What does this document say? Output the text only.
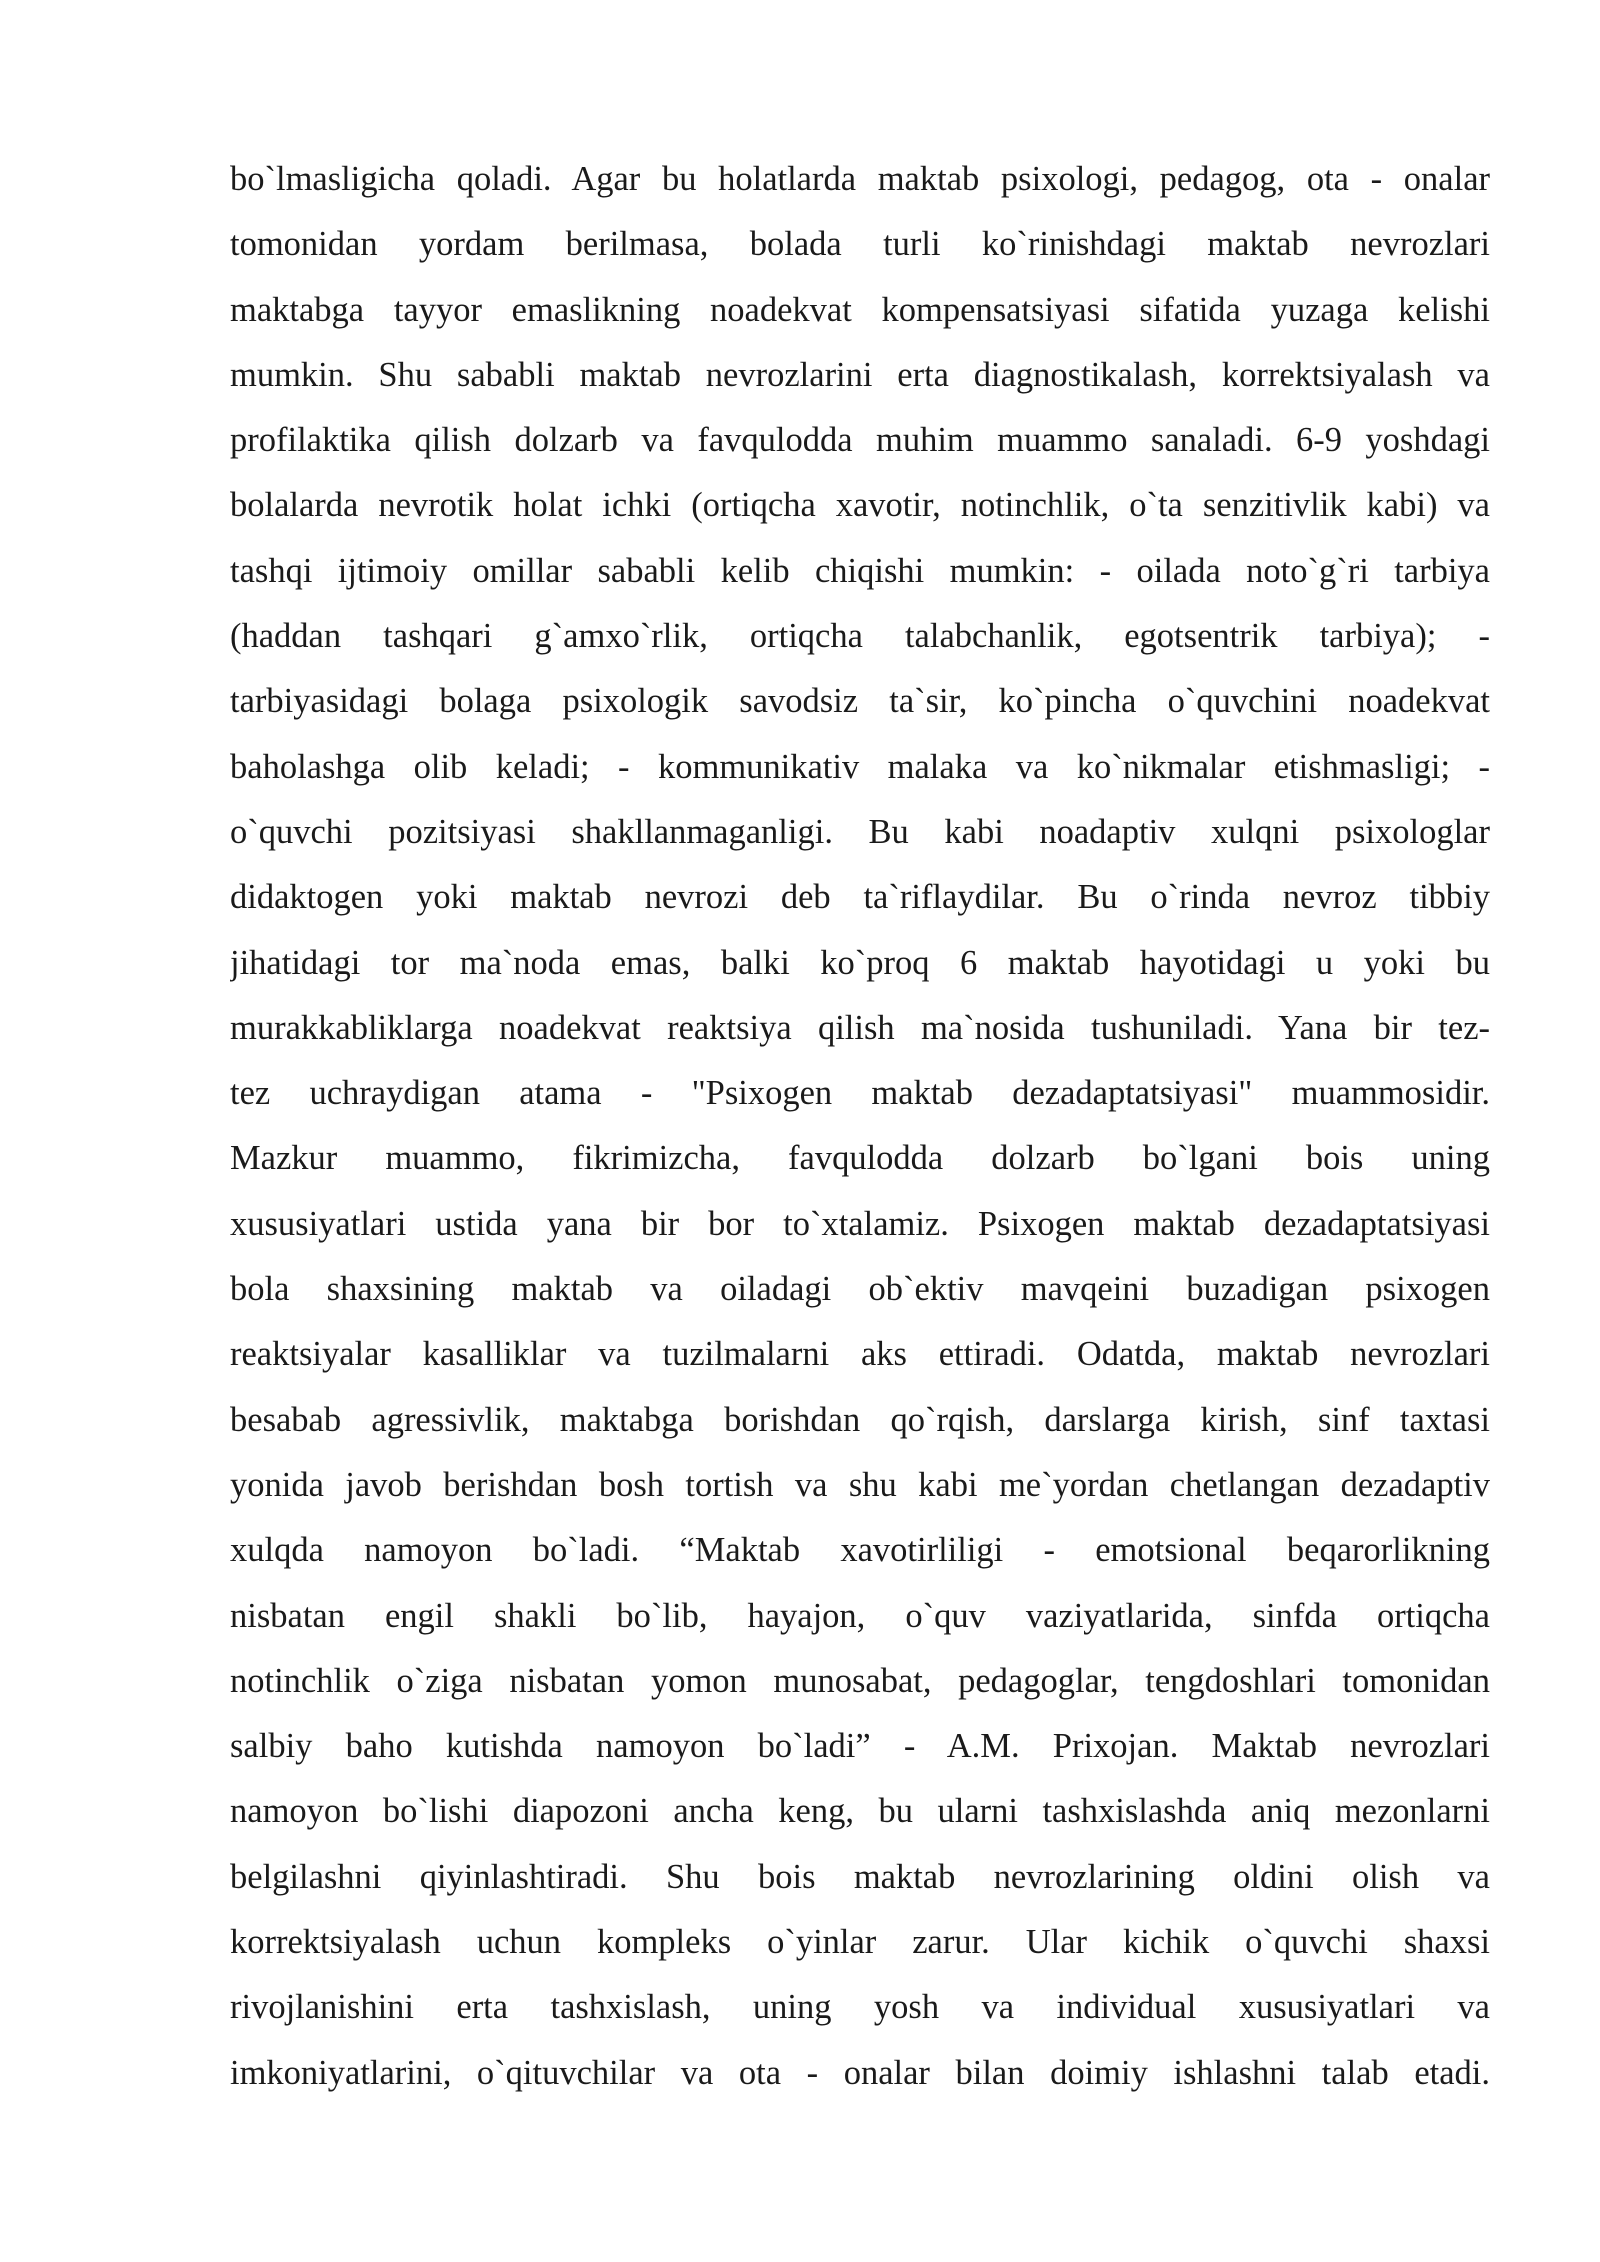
bo`lmasligicha qoladi. Agar bu holatlarda maktab psixologi, pedagog, ota - onalar
tomonidan yordam berilmasa, bolada turli ko`rinishdagi maktab nevrozlari
maktabga tayyor emaslikning noadekvat kompensatsiyasi sifatida yuzaga kelishi
mumkin. Shu sababli maktab nevrozlarini erta diagnostikalash, korrektsiyalash va
profilaktika qilish dolzarb va favqulodda muhim muammo sanaladi. 6-9 yoshdagi
bolalarda nevrotik holat ichki (ortiqcha xavotir, notinchlik, o`ta senzitivlik kabi) va
tashqi ijtimoiy omillar sababli kelib chiqishi mumkin: - oilada noto`g`ri tarbiya
(haddan tashqari g`amxo`rlik, ortiqcha talabchanlik, egotsentrik tarbiya); -
tarbiyasidagi bolaga psixologik savodsiz ta`sir, ko`pincha o`quvchini noadekvat
baholashga olib keladi; - kommunikativ malaka va ko`nikmalar etishmasligi; -
o`quvchi pozitsiyasi shakllanmaganligi. Bu kabi noadaptiv xulqni psixologlar
didaktogen yoki maktab nevrozi deb ta`riflaydilar. Bu o`rinda nevroz tibbiy
jihatidagi tor ma`noda emas, balki ko`proq 6 maktab hayotidagi u yoki bu
murakkabliklarga noadekvat reaktsiya qilish ma`nosida tushuniladi. Yana bir tez-
tez uchraydigan atama - "Psixogen maktab dezadaptatsiyasi" muammosidir.
Mazkur muammo, fikrimizcha, favqulodda dolzarb bo`lgani bois uning
xususiyatlari ustida yana bir bor to`xtalamiz. Psixogen maktab dezadaptatsiyasi
bola shaxsining maktab va oiladagi ob`ektiv mavqeini buzadigan psixogen
reaktsiyalar kasalliklar va tuzilmalarni aks ettiradi. Odatda, maktab nevrozlari
besabab agressivlik, maktabga borishdan qo`rqish, darslarga kirish, sinf taxtasi
yonida javob berishdan bosh tortish va shu kabi me`yordan chetlangan dezadaptiv
xulqda namoyon bo`ladi. “Maktab xavotirliligi - emotsional beqarorlikning
nisbatan engil shakli bo`lib, hayajon, o`quv vaziyatlarida, sinfda ortiqcha
notinchlik o`ziga nisbatan yomon munosabat, pedagoglar, tengdoshlari tomonidan
salbiy baho kutishda namoyon bo`ladi” - A.M. Prixojan. Maktab nevrozlari
namoyon bo`lishi diapozoni ancha keng, bu ularni tashxislashda aniq mezonlarni
belgilashni qiyinlashtiradi. Shu bois maktab nevrozlarining oldini olish va
korrektsiyalash uchun kompleks o`yinlar zarur. Ular kichik o`quvchi shaxsi
rivojlanishini erta tashxislash, uning yosh va individual xususiyatlari va
imkoniyatlarini, o`qituvchilar va ota - onalar bilan doimiy ishlashni talab etadi.
